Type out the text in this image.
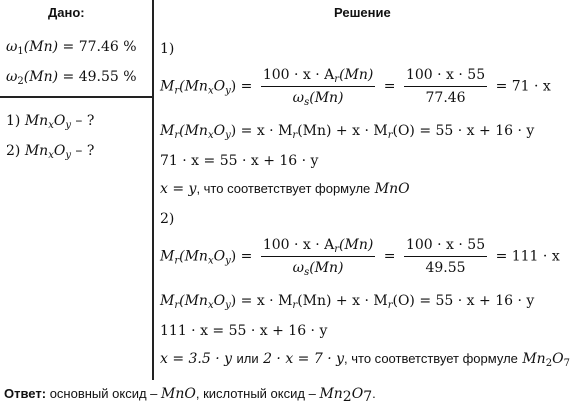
Дано:	Решение
$\omega_1(Mn) = 77.46$ %
$\omega_2(Mn) = 49.55$ %
1) $Mn_xO_y$ – ?
2) $Mn_xO_y$ – ?
1)
$M_r(Mn_xO_y) = \frac{100 \cdot x \cdot A_r(Mn)}{\omega_s(Mn)} = \frac{100 \cdot x \cdot 55}{77.46} = 71 \cdot x$
$M_r(Mn_xO_y) = x \cdot M_r(Mn) + x \cdot M_r(O) = 55 \cdot x + 16 \cdot y$
71 · x = 55 · x + 16 · y
x = y, что соответствует формуле MnO
2)
$M_r(Mn_xO_y) = \frac{100 \cdot x \cdot A_r(Mn)}{\omega_s(Mn)} = \frac{100 \cdot x \cdot 55}{49.55} = 111 \cdot x$
$M_r(Mn_xO_y) = x \cdot M_r(Mn) + x \cdot M_r(O) = 55 \cdot x + 16 \cdot y$
111 · x = 55 · x + 16 · y
x = 3.5 · y или 2 · x = 7 · y, что соответствует формуле $Mn_2O_7$
Ответ: основный оксид – MnO, кислотный оксид – $Mn_2O_7$.
